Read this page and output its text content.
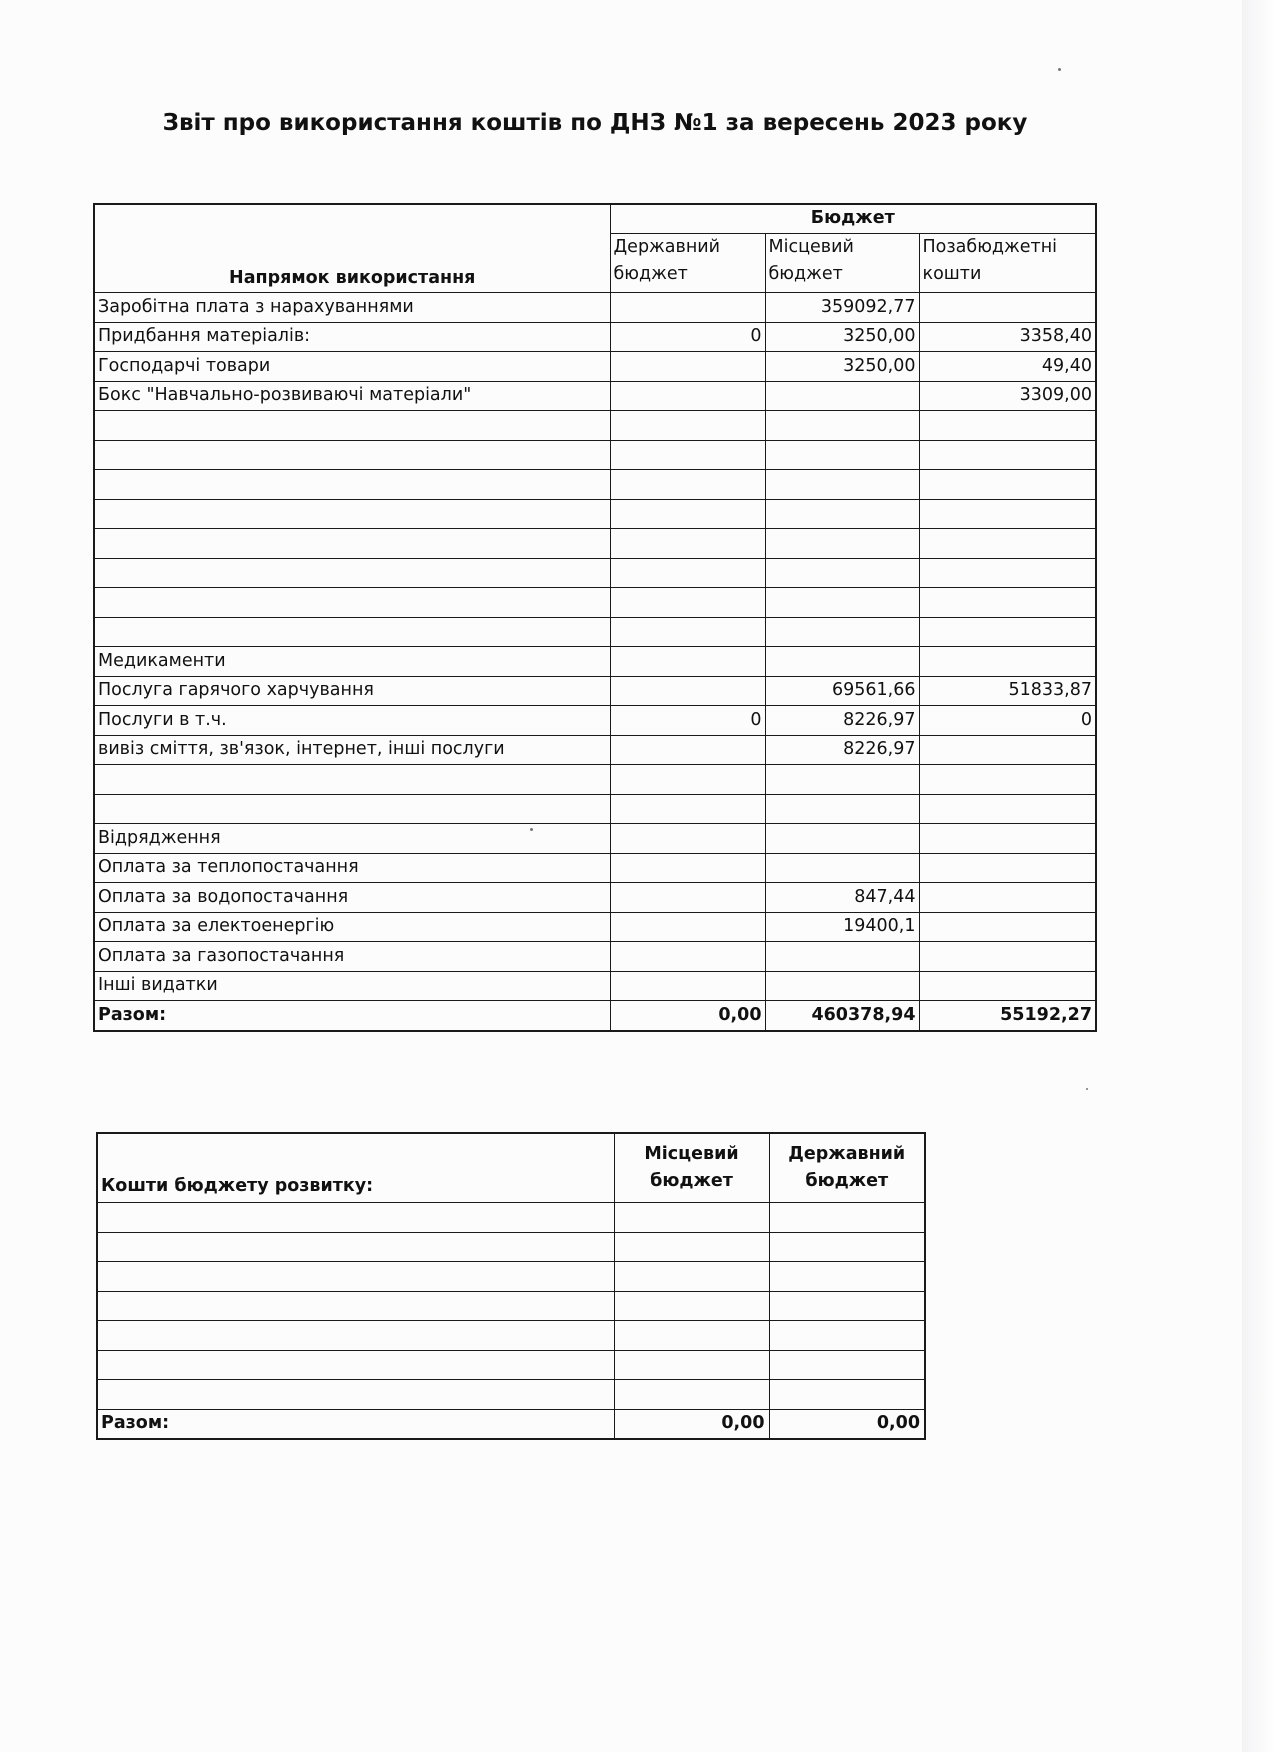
Звіт про використання коштів по ДНЗ №1 за вересень 2023 року
Напрямок використання	Бюджет		
	Державний бюджет	Місцевий бюджет	Позабюджетні кошти
Заробітна плата з нарахуваннями		359092,77	
Придбання матеріалів:	0	3250,00	3358,40
Господарчі товари		3250,00	49,40
Бокс "Навчально-розвиваючі матеріали"			3309,00

Медикаменти			
Послуга гарячого харчування		69561,66	51833,87
Послуги в т.ч.	0	8226,97	0
вивіз сміття, зв'язок, інтернет, інші послуги		8226,97	

Відрядження			
Оплата за теплопостачання			
Оплата за водопостачання		847,44	
Оплата за електоенергію		19400,1	
Оплата за газопостачання			
Інші видатки			
Разом:	0,00	460378,94	55192,27
Кошти бюджету розвитку:	Місцевий бюджет	Державний бюджет

Разом:	0,00	0,00
